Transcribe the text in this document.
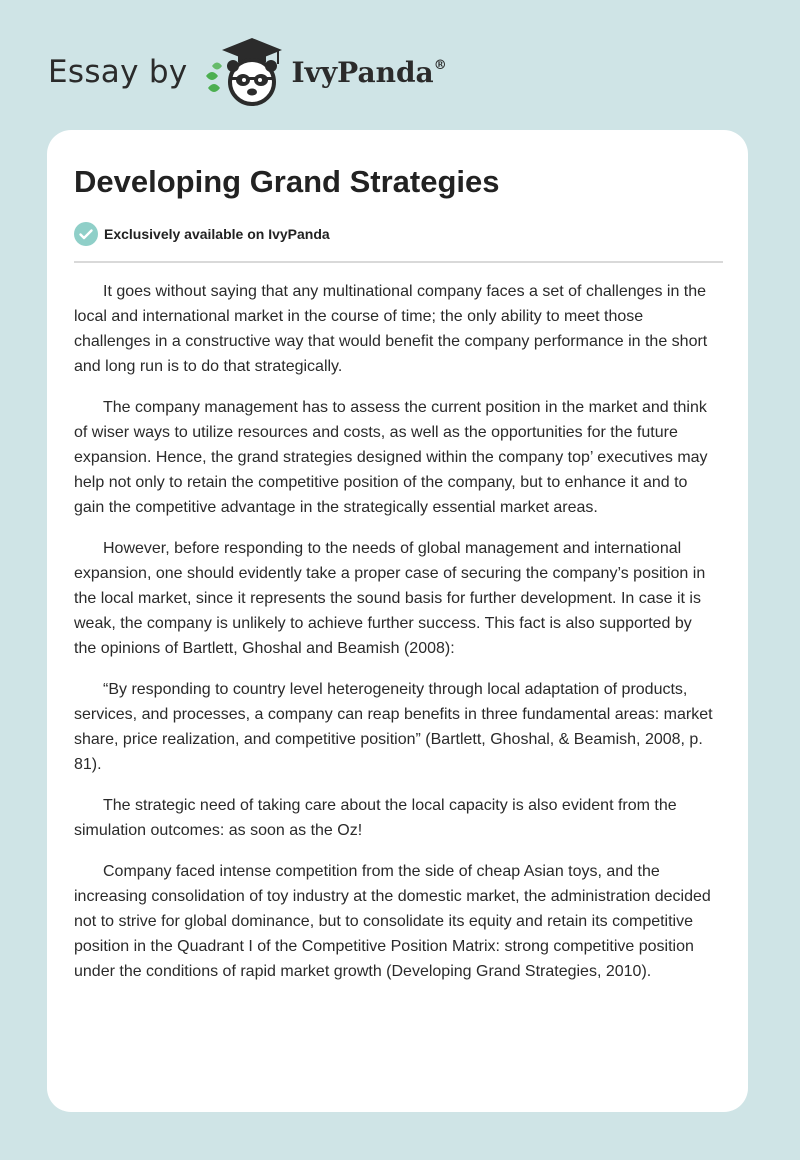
Essay by	IvyPanda®
Developing Grand Strategies
Exclusively available on IvyPanda

It goes without saying that any multinational company faces a set of challenges in the local and international market in the course of time; the only ability to meet those challenges in a constructive way that would benefit the company performance in the short and long run is to do that strategically.

The company management has to assess the current position in the market and think of wiser ways to utilize resources and costs, as well as the opportunities for the future expansion. Hence, the grand strategies designed within the company top’ executives may help not only to retain the competitive position of the company, but to enhance it and to gain the competitive advantage in the strategically essential market areas.

However, before responding to the needs of global management and international expansion, one should evidently take a proper case of securing the company’s position in the local market, since it represents the sound basis for further development. In case it is weak, the company is unlikely to achieve further success. This fact is also supported by the opinions of Bartlett, Ghoshal and Beamish (2008):

“By responding to country level heterogeneity through local adaptation of products, services, and processes, a company can reap benefits in three fundamental areas: market share, price realization, and competitive position” (Bartlett, Ghoshal, & Beamish, 2008, p. 81).

The strategic need of taking care about the local capacity is also evident from the simulation outcomes: as soon as the Oz!

Company faced intense competition from the side of cheap Asian toys, and the increasing consolidation of toy industry at the domestic market, the administration decided not to strive for global dominance, but to consolidate its equity and retain its competitive position in the Quadrant I of the Competitive Position Matrix: strong competitive position under the conditions of rapid market growth (Developing Grand Strategies, 2010).
